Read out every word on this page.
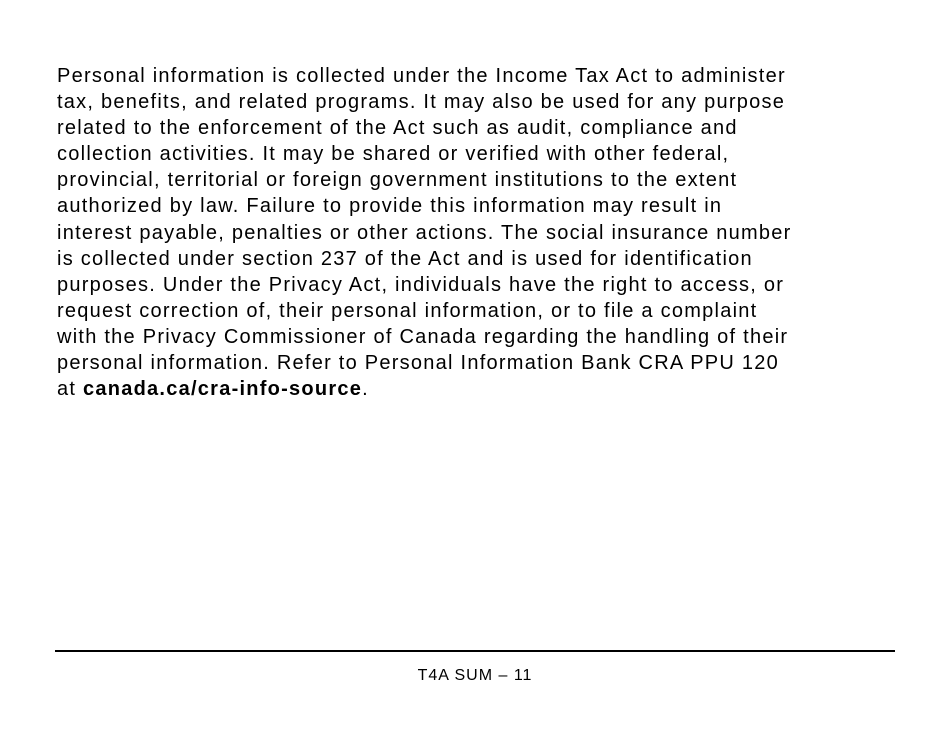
Personal information is collected under the Income Tax Act to administer
tax, benefits, and related programs. It may also be used for any purpose
related to the enforcement of the Act such as audit, compliance and
collection activities. It may be shared or verified with other federal,
provincial, territorial or foreign government institutions to the extent
authorized by law. Failure to provide this information may result in
interest payable, penalties or other actions. The social insurance number
is collected under section 237 of the Act and is used for identification
purposes. Under the Privacy Act, individuals have the right to access, or
request correction of, their personal information, or to file a complaint
with the Privacy Commissioner of Canada regarding the handling of their
personal information. Refer to Personal Information Bank CRA PPU 120
at canada.ca/cra-info-source.

T4A SUM – 11
